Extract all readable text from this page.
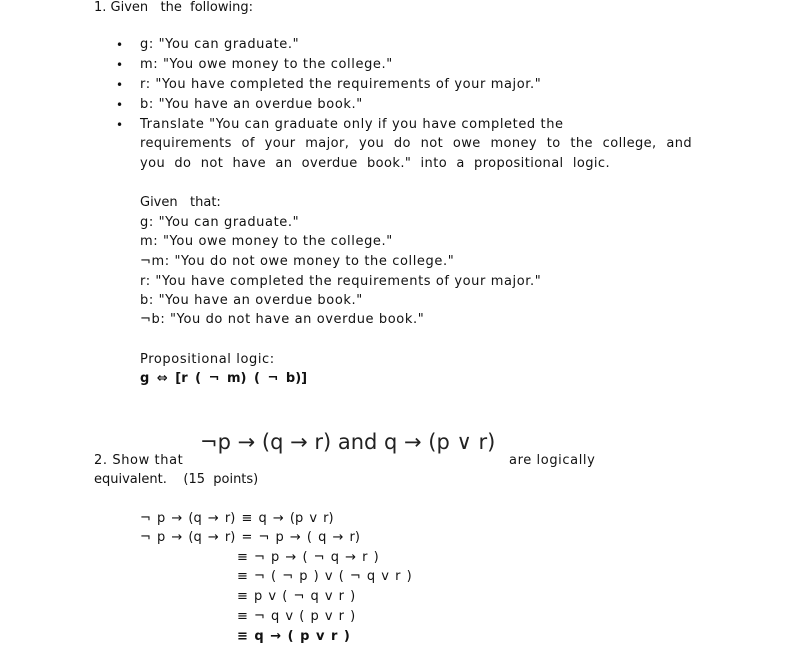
1. Given   the  following:
• g: "You can graduate."
• m: "You owe money to the college."
• r: "You have completed the requirements of your major."
• b: "You have an overdue book."
• Translate "You can graduate only if you have completed the
requirements of your major, you do not owe money to the college, and
you do not have an overdue book." into a propositional logic.
Given   that:
g: "You can graduate."
m: "You owe money to the college."
¬m: "You do not owe money to the college."
r: "You have completed the requirements of your major."
b: "You have an overdue book."
¬b: "You do not have an overdue book."
Propositional logic:
g ⇔ [r ( ¬ m) ( ¬ b)]
2. Show that
¬p → (q → r) and q → (p ∨ r)
are logically
equivalent.    (15  points)
¬ p → (q → r) ≡ q → (p v r)
¬ p → (q → r) = ¬ p → ( q → r)
≡ ¬ p → ( ¬ q → r )
≡ ¬ ( ¬ p ) v ( ¬ q v r )
≡ p v ( ¬ q v r )
≡ ¬ q v ( p v r )
≡ q → ( p v r )
